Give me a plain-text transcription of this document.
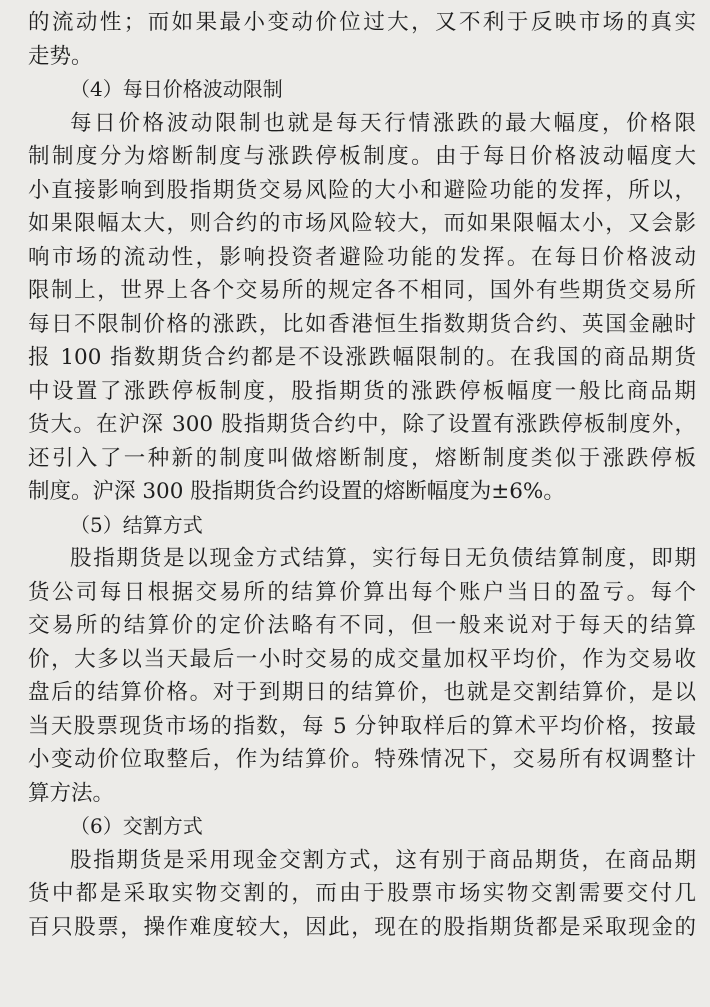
的流动性；而如果最小变动价位过大，又不利于反映市场的真实
走势。
（4）每日价格波动限制
每日价格波动限制也就是每天行情涨跌的最大幅度，价格限
制制度分为熔断制度与涨跌停板制度。由于每日价格波动幅度大
小直接影响到股指期货交易风险的大小和避险功能的发挥，所以，
如果限幅太大，则合约的市场风险较大，而如果限幅太小，又会影
响市场的流动性，影响投资者避险功能的发挥。在每日价格波动
限制上，世界上各个交易所的规定各不相同，国外有些期货交易所
每日不限制价格的涨跌，比如香港恒生指数期货合约、英国金融时
报 100 指数期货合约都是不设涨跌幅限制的。在我国的商品期货
中设置了涨跌停板制度，股指期货的涨跌停板幅度一般比商品期
货大。在沪深 300 股指期货合约中，除了设置有涨跌停板制度外，
还引入了一种新的制度叫做熔断制度，熔断制度类似于涨跌停板
制度。沪深 300 股指期货合约设置的熔断幅度为±6%。
（5）结算方式
股指期货是以现金方式结算，实行每日无负债结算制度，即期
货公司每日根据交易所的结算价算出每个账户当日的盈亏。每个
交易所的结算价的定价法略有不同，但一般来说对于每天的结算
价，大多以当天最后一小时交易的成交量加权平均价，作为交易收
盘后的结算价格。对于到期日的结算价，也就是交割结算价，是以
当天股票现货市场的指数，每 5 分钟取样后的算术平均价格，按最
小变动价位取整后，作为结算价。特殊情况下，交易所有权调整计
算方法。
（6）交割方式
股指期货是采用现金交割方式，这有别于商品期货，在商品期
货中都是采取实物交割的，而由于股票市场实物交割需要交付几
百只股票，操作难度较大，因此，现在的股指期货都是采取现金的
